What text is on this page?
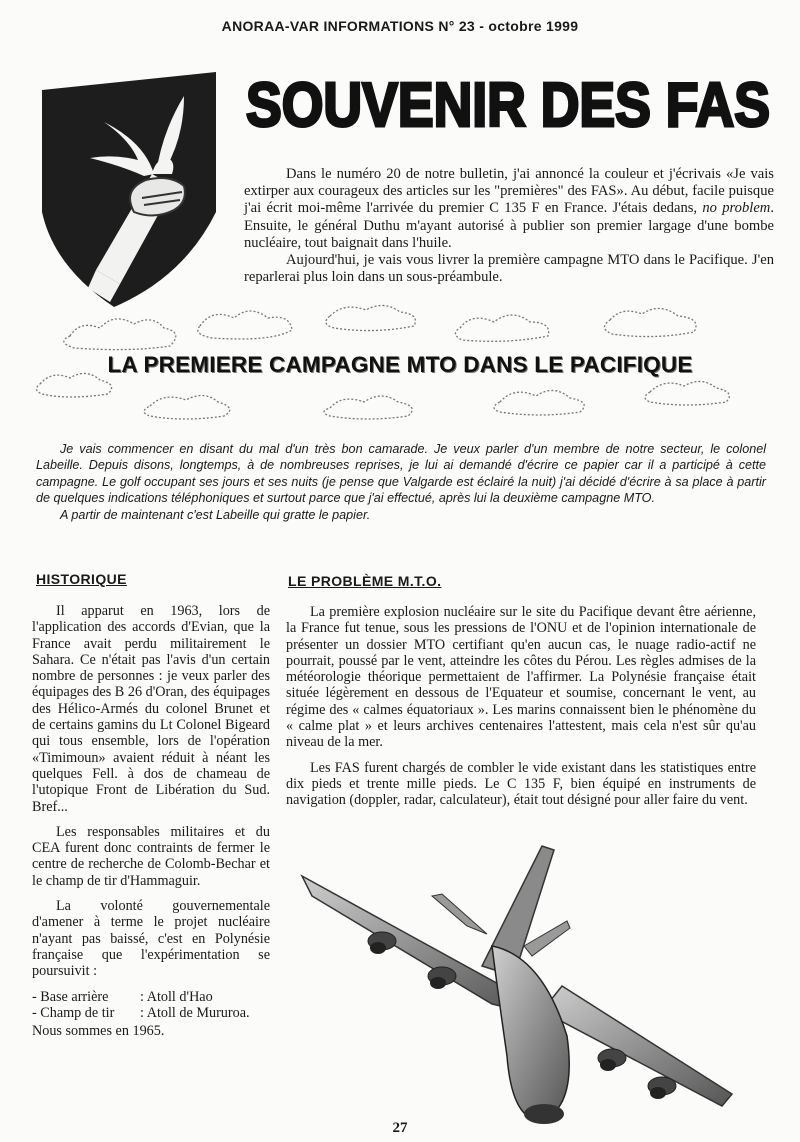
ANORAA-VAR INFORMATIONS N° 23 - octobre 1999
SOUVENIR DES FAS

Dans le numéro 20 de notre bulletin, j'ai annoncé la couleur et j'écrivais «Je vais extirper aux courageux des articles sur les "premières" des FAS». Au début, facile puisque j'ai écrit moi-même l'arrivée du premier C 135 F en France. J'étais dedans, no problem. Ensuite, le général Duthu m'ayant autorisé à publier son premier largage d'une bombe nucléaire, tout baignait dans l'huile.

Aujourd'hui, je vais vous livrer la première campagne MTO dans le Pacifique. J'en reparlerai plus loin dans un sous-préambule.

LA PREMIERE CAMPAGNE MTO DANS LE PACIFIQUE

Je vais commencer en disant du mal d'un très bon camarade. Je veux parler d'un membre de notre secteur, le colonel Labeille. Depuis disons, longtemps, à de nombreuses reprises, je lui ai demandé d'écrire ce papier car il a participé à cette campagne. Le golf occupant ses jours et ses nuits (je pense que Valgarde est éclairé la nuit) j'ai décidé d'écrire à sa place à partir de quelques indications téléphoniques et surtout parce que j'ai effectué, après lui la deuxième campagne MTO.

A partir de maintenant c'est Labeille qui gratte le papier.

HISTORIQUE

Il apparut en 1963, lors de l'application des accords d'Evian, que la France avait perdu militairement le Sahara. Ce n'était pas l'avis d'un certain nombre de personnes : je veux parler des équipages des B 26 d'Oran, des équipages des Hélico-Armés du colonel Brunet et de certains gamins du Lt Colonel Bigeard qui tous ensemble, lors de l'opération «Timimoun» avaient réduit à néant les quelques Fell. à dos de chameau de l'utopique Front de Libération du Sud. Bref...

Les responsables militaires et du CEA furent donc contraints de fermer le centre de recherche de Colomb-Bechar et le champ de tir d'Hammaguir.

La volonté gouvernementale d'amener à terme le projet nucléaire n'ayant pas baissé, c'est en Polynésie française que l'expérimentation se poursuivit :

- Base arrière	: Atoll d'Hao
- Champ de tir	: Atoll de Mururoa.
Nous sommes en 1965.
LE PROBLÈME M.T.O.

La première explosion nucléaire sur le site du Pacifique devant être aérienne, la France fut tenue, sous les pressions de l'ONU et de l'opinion internationale de présenter un dossier MTO certifiant qu'en aucun cas, le nuage radio-actif ne pourrait, poussé par le vent, atteindre les côtes du Pérou. Les règles admises de la météorologie théorique permettaient de l'affirmer. La Polynésie française était située légèrement en dessous de l'Equateur et soumise, concernant le vent, au régime des « calmes équatoriaux ». Les marins connaissent bien le phénomène du « calme plat » et leurs archives centenaires l'attestent, mais cela n'est sûr qu'au niveau de la mer.

Les FAS furent chargés de combler le vide existant dans les statistiques entre dix pieds et trente mille pieds. Le C 135 F, bien équipé en instruments de navigation (doppler, radar, calculateur), était tout désigné pour aller faire du vent.

27
